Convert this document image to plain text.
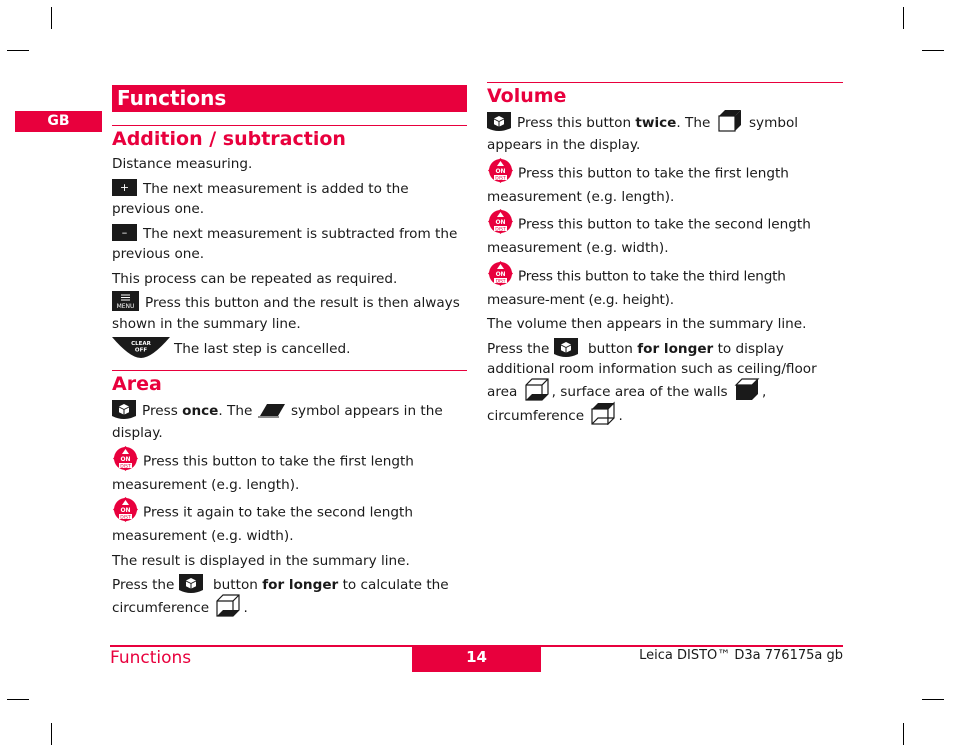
GB
Functions
Addition / subtraction

Distance measuring.

+ The next measurement is added to the previous one.

– The next measurement is subtracted from the previous one.

This process can be repeated as required.

MENU Press this button and the result is then always shown in the summary line.

CLEAR
OFF The last step is cancelled.

Area

Press once. The  symbol appears in the display.

Press this button to take the first length measurement (e.g. length).

Press it again to take the second length measurement (e.g. width).

The result is displayed in the summary line.

Press the  button for longer to calculate the circumference .

Volume

Press this button twice. The  symbol appears in the display.

Press this button to take the first length measurement (e.g. length).

Press this button to take the second length measurement (e.g. width).

Press this button to take the third length measure-ment (e.g. height).

The volume then appears in the summary line.

Press the  button for longer to display additional room information such as ceiling/floor area , surface area of the walls , circumference .

Functions	14	Leica DISTO™ D3a 776175a gb
